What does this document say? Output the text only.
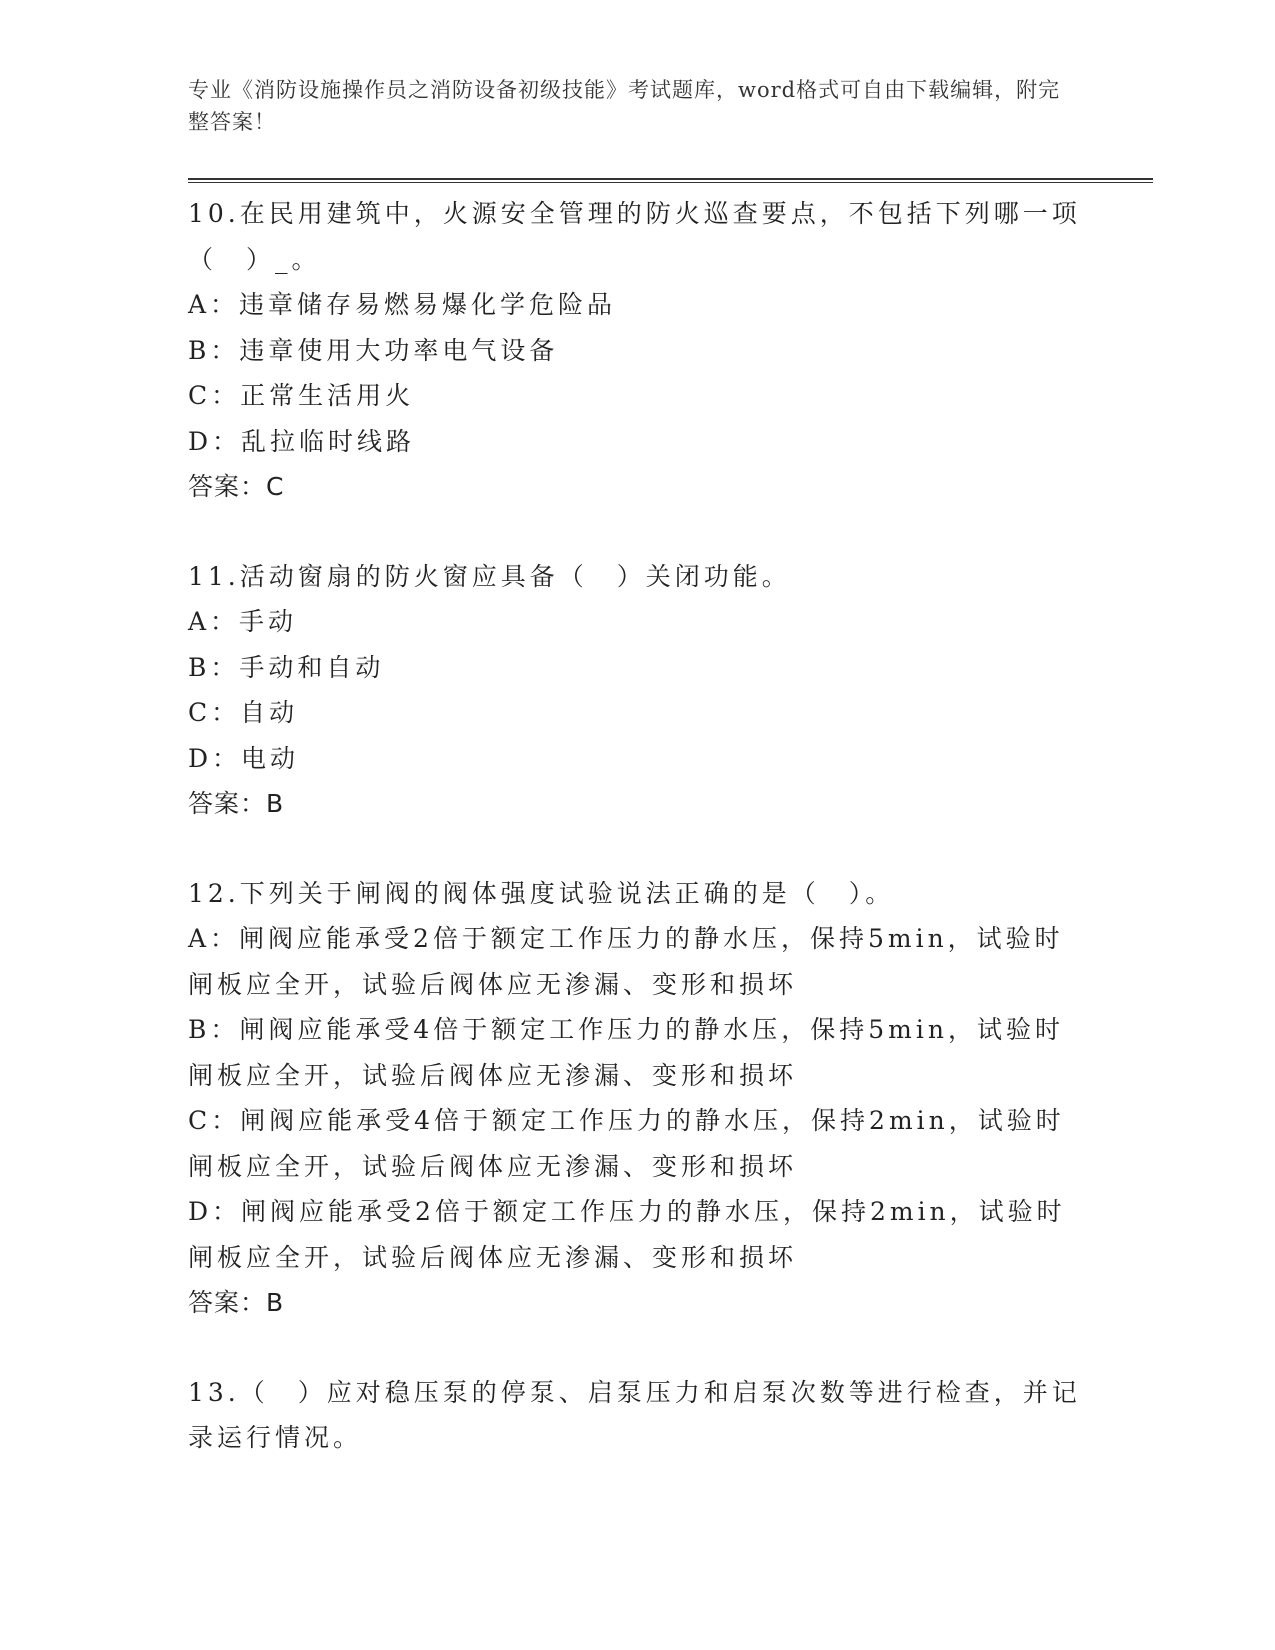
专业《消防设施操作员之消防设备初级技能》考试题库，word格式可自由下载编辑，附完整答案！

10.在民用建筑中，火源安全管理的防火巡查要点，不包括下列哪一项（　）_。

A：违章储存易燃易爆化学危险品

B：违章使用大功率电气设备

C：正常生活用火

D：乱拉临时线路

答案：C

11.活动窗扇的防火窗应具备（　）关闭功能。

A：手动

B：手动和自动

C：自动

D：电动

答案：B

12.下列关于闸阀的阀体强度试验说法正确的是（　）。

A：闸阀应能承受2倍于额定工作压力的静水压，保持5min，试验时闸板应全开，试验后阀体应无渗漏、变形和损坏

B：闸阀应能承受4倍于额定工作压力的静水压，保持5min，试验时闸板应全开，试验后阀体应无渗漏、变形和损坏

C：闸阀应能承受4倍于额定工作压力的静水压，保持2min，试验时闸板应全开，试验后阀体应无渗漏、变形和损坏

D：闸阀应能承受2倍于额定工作压力的静水压，保持2min，试验时闸板应全开，试验后阀体应无渗漏、变形和损坏

答案：B

13.（　）应对稳压泵的停泵、启泵压力和启泵次数等进行检查，并记录运行情况。
